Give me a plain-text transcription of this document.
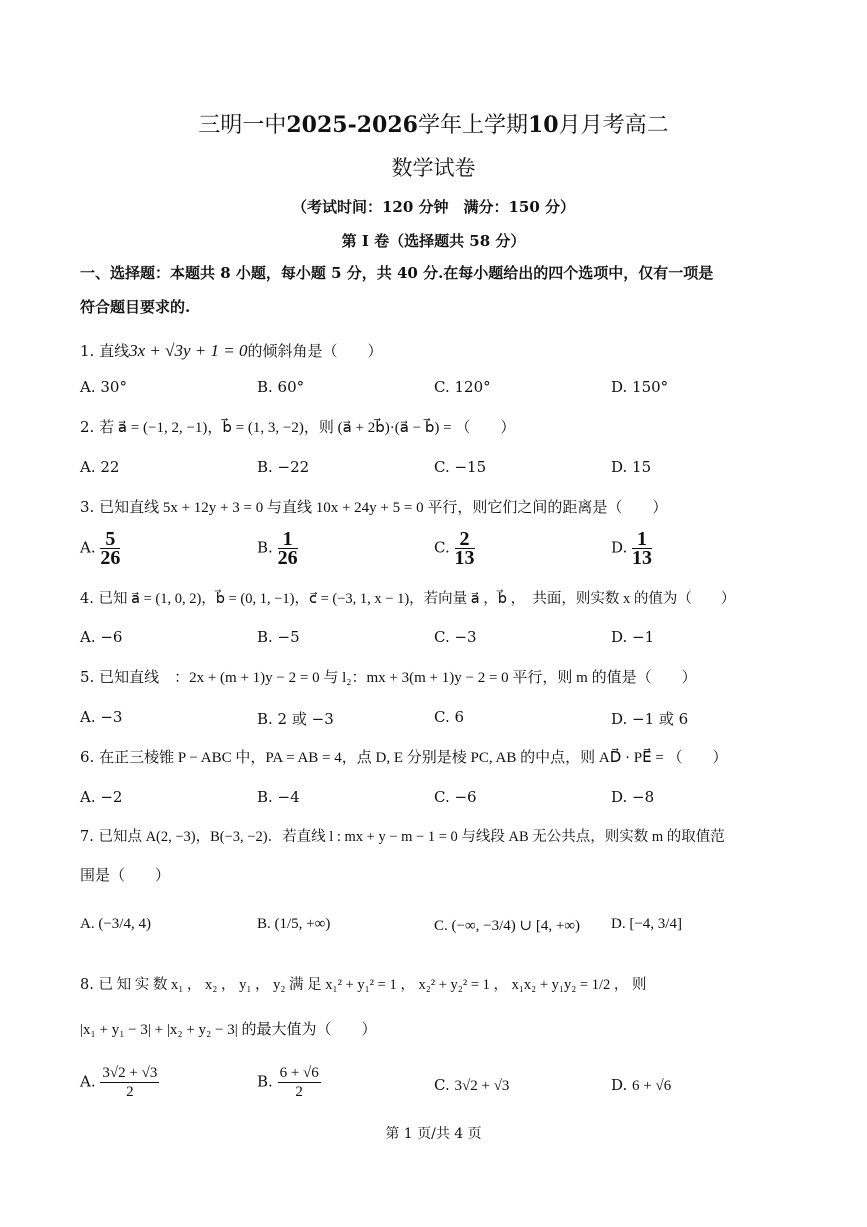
三明一中2025-2026学年上学期10月月考高二
数学试卷
（考试时间：120 分钟　满分：150 分）
第 I 卷（选择题共 58 分）
一、选择题：本题共 8 小题，每小题 5 分，共 40 分.在每小题给出的四个选项中，仅有一项是
符合题目要求的.
1. 直线3x + √3y + 1 = 0的倾斜角是（　　）
A. 30°	B. 60°	C. 120°	D. 150°
2. 若 a⃗ = (−1, 2, −1)，b⃗ = (1, 3, −2)，则 (a⃗ + 2b⃗)·(a⃗ − b⃗) = （　　）
A. 22	B. −22	C. −15	D. 15
3. 已知直线 5x + 12y + 3 = 0 与直线 10x + 24y + 5 = 0 平行，则它们之间的距离是（　　）
A. $\frac{5}{26}$	B. $\frac{1}{26}$	C. $\frac{2}{13}$	D. $\frac{1}{13}$
4. 已知 a⃗ = (1, 0, 2)，b⃗ = (0, 1, −1)，c⃗ = (−3, 1, x − 1)，若向量 a⃗ ，b⃗ ，　共面，则实数 x 的值为（　　）
A. −6	B. −5	C. −3	D. −1
5. 已知直线　：2x + (m + 1)y − 2 = 0 与 l₂：mx + 3(m + 1)y − 2 = 0 平行，则 m 的值是（　　）
A. −3	B. 2 或 −3	C. 6	D. −1 或 6
6. 在正三棱锥 P − ABC 中，PA = AB = 4，点 D, E 分别是棱 PC, AB 的中点，则 AD⃗ · PE⃗ = （　　）
A. −2	B. −4	C. −6	D. −8
7. 已知点 A(2, −3)，B(−3, −2)．若直线 l : mx + y − m − 1 = 0 与线段 AB 无公共点，则实数 m 的取值范
围是（　　）
A. (−3/4, 4)	B. (1/5, +∞)	C. (−∞, −3/4) ∪ [4, +∞) D. [−4, 3/4]
8. 已 知 实 数 x₁ ， x₂ ， y₁ ， y₂ 满 足 x₁² + y₁² = 1 ， x₂² + y₂² = 1 ， x₁x₂ + y₁y₂ = 1/2 ， 则
|x₁ + y₁ − 3| + |x₂ + y₂ − 3| 的最大值为（　　）
A. $\frac{3√2 + √3}{2}$	B. $\frac{6 + √6}{2}$	C. 3√2 + √3	D. 6 + √6
第 1 页/共 4 页
